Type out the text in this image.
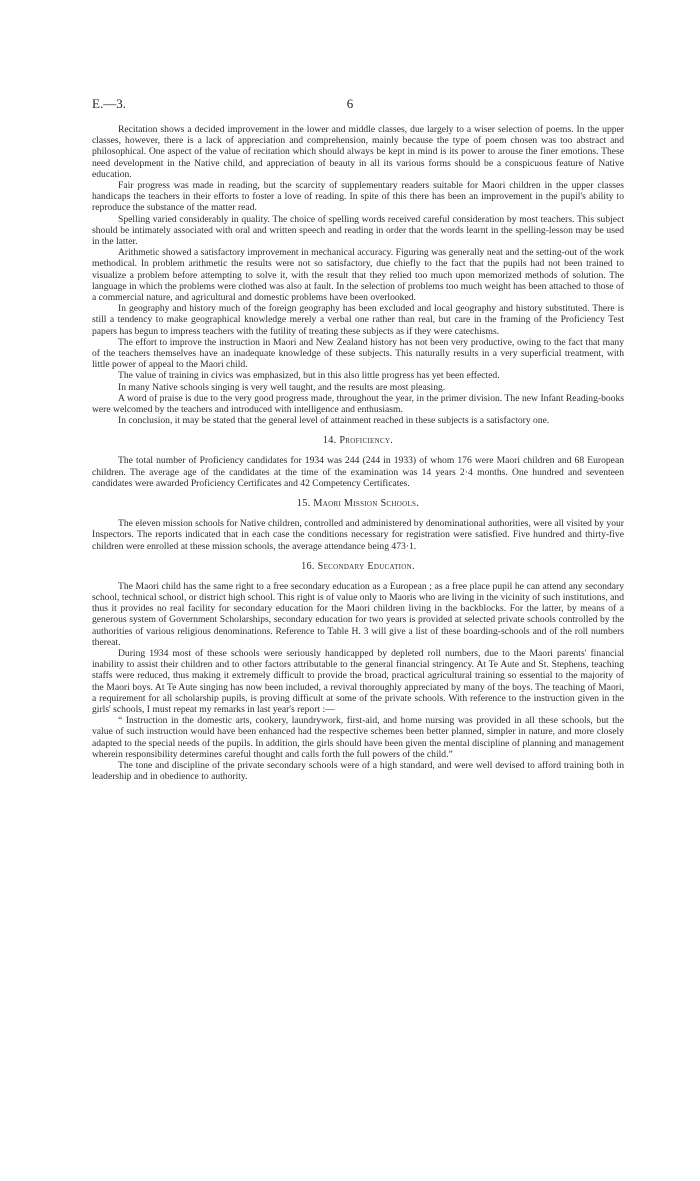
E.—3.	6

Recitation shows a decided improvement in the lower and middle classes, due largely to a wiser selection of poems. In the upper classes, however, there is a lack of appreciation and comprehension, mainly because the type of poem chosen was too abstract and philosophical. One aspect of the value of recitation which should always be kept in mind is its power to arouse the finer emotions. These need development in the Native child, and appreciation of beauty in all its various forms should be a conspicuous feature of Native education.

Fair progress was made in reading, but the scarcity of supplementary readers suitable for Maori children in the upper classes handicaps the teachers in their efforts to foster a love of reading. In spite of this there has been an improvement in the pupil's ability to reproduce the substance of the matter read.

Spelling varied considerably in quality. The choice of spelling words received careful consideration by most teachers. This subject should be intimately associated with oral and written speech and reading in order that the words learnt in the spelling-lesson may be used in the latter.

Arithmetic showed a satisfactory improvement in mechanical accuracy. Figuring was generally neat and the setting-out of the work methodical. In problem arithmetic the results were not so satisfactory, due chiefly to the fact that the pupils had not been trained to visualize a problem before attempting to solve it, with the result that they relied too much upon memorized methods of solution. The language in which the problems were clothed was also at fault. In the selection of problems too much weight has been attached to those of a commercial nature, and agricultural and domestic problems have been overlooked.

In geography and history much of the foreign geography has been excluded and local geography and history substituted. There is still a tendency to make geographical knowledge merely a verbal one rather than real, but care in the framing of the Proficiency Test papers has begun to impress teachers with the futility of treating these subjects as if they were catechisms.

The effort to improve the instruction in Maori and New Zealand history has not been very productive, owing to the fact that many of the teachers themselves have an inadequate knowledge of these subjects. This naturally results in a very superficial treatment, with little power of appeal to the Maori child.

The value of training in civics was emphasized, but in this also little progress has yet been effected.

In many Native schools singing is very well taught, and the results are most pleasing.

A word of praise is due to the very good progress made, throughout the year, in the primer division. The new Infant Reading-books were welcomed by the teachers and introduced with intelligence and enthusiasm.

In conclusion, it may be stated that the general level of attainment reached in these subjects is a satisfactory one.

14. Proficiency.

The total number of Proficiency candidates for 1934 was 244 (244 in 1933) of whom 176 were Maori children and 68 European children. The average age of the candidates at the time of the examination was 14 years 2·4 months. One hundred and seventeen candidates were awarded Proficiency Certificates and 42 Competency Certificates.

15. Maori Mission Schools.

The eleven mission schools for Native children, controlled and administered by denominational authorities, were all visited by your Inspectors. The reports indicated that in each case the conditions necessary for registration were satisfied. Five hundred and thirty-five children were enrolled at these mission schools, the average attendance being 473·1.

16. Secondary Education.

The Maori child has the same right to a free secondary education as a European ; as a free place pupil he can attend any secondary school, technical school, or district high school. This right is of value only to Maoris who are living in the vicinity of such institutions, and thus it provides no real facility for secondary education for the Maori children living in the backblocks. For the latter, by means of a generous system of Government Scholarships, secondary education for two years is provided at selected private schools controlled by the authorities of various religious denominations. Reference to Table H. 3 will give a list of these boarding-schools and of the roll numbers thereat.

During 1934 most of these schools were seriously handicapped by depleted roll numbers, due to the Maori parents' financial inability to assist their children and to other factors attributable to the general financial stringency. At Te Aute and St. Stephens, teaching staffs were reduced, thus making it extremely difficult to provide the broad, practical agricultural training so essential to the majority of the Maori boys. At Te Aute singing has now been included, a revival thoroughly appreciated by many of the boys. The teaching of Maori, a requirement for all scholarship pupils, is proving difficult at some of the private schools. With reference to the instruction given in the girls' schools, I must repeat my remarks in last year's report :—

“ Instruction in the domestic arts, cookery, laundrywork, first-aid, and home nursing was provided in all these schools, but the value of such instruction would have been enhanced had the respective schemes been better planned, simpler in nature, and more closely adapted to the special needs of the pupils. In addition, the girls should have been given the mental discipline of planning and management wherein responsibility determines careful thought and calls forth the full powers of the child.”

The tone and discipline of the private secondary schools were of a high standard, and were well devised to afford training both in leadership and in obedience to authority.
